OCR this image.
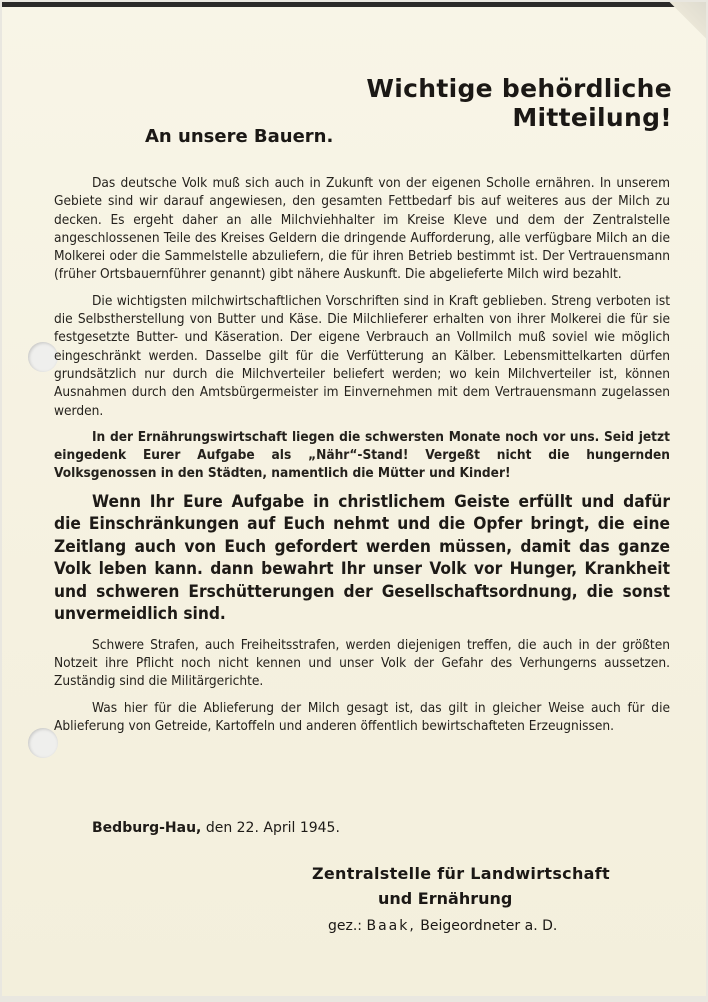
Wichtige behördliche Mitteilung!
An unsere Bauern.

Das deutsche Volk muß sich auch in Zukunft von der eigenen Scholle ernähren. In unserem Gebiete sind wir darauf angewiesen, den gesamten Fettbedarf bis auf weiteres aus der Milch zu decken. Es ergeht daher an alle Milchviehhalter im Kreise Kleve und dem der Zentralstelle angeschlossenen Teile des Kreises Geldern die dringende Aufforderung, alle verfügbare Milch an die Molkerei oder die Sammelstelle abzuliefern, die für ihren Betrieb bestimmt ist. Der Vertrauensmann (früher Ortsbauernführer genannt) gibt nähere Auskunft. Die abgelieferte Milch wird bezahlt.

Die wichtigsten milchwirtschaftlichen Vorschriften sind in Kraft geblieben. Streng verboten ist die Selbstherstellung von Butter und Käse. Die Milchlieferer erhalten von ihrer Molkerei die für sie festgesetzte Butter- und Käseration. Der eigene Verbrauch an Vollmilch muß soviel wie möglich eingeschränkt werden. Dasselbe gilt für die Verfütterung an Kälber. Lebensmittelkarten dürfen grundsätzlich nur durch die Milchverteiler beliefert werden; wo kein Milchverteiler ist, können Ausnahmen durch den Amtsbürgermeister im Einvernehmen mit dem Vertrauensmann zugelassen werden.

In der Ernährungswirtschaft liegen die schwersten Monate noch vor uns. Seid jetzt eingedenk Eurer Aufgabe als „Nähr“-Stand! Vergeßt nicht die hungernden Volksgenossen in den Städten, namentlich die Mütter und Kinder!

Wenn Ihr Eure Aufgabe in christlichem Geiste erfüllt und dafür die Einschränkungen auf Euch nehmt und die Opfer bringt, die eine Zeitlang auch von Euch gefordert werden müssen, damit das ganze Volk leben kann. dann bewahrt Ihr unser Volk vor Hunger, Krankheit und schweren Erschütterungen der Gesellschaftsordnung, die sonst unvermeidlich sind.

Schwere Strafen, auch Freiheitsstrafen, werden diejenigen treffen, die auch in der größten Notzeit ihre Pflicht noch nicht kennen und unser Volk der Gefahr des Verhungerns aussetzen. Zuständig sind die Militärgerichte.

Was hier für die Ablieferung der Milch gesagt ist, das gilt in gleicher Weise auch für die Ablieferung von Getreide, Kartoffeln und anderen öffentlich bewirtschafteten Erzeugnissen.

Bedburg-Hau, den 22. April 1945.
Zentralstelle für Landwirtschaft
und Ernährung
gez.: Baak, Beigeordneter a. D.
